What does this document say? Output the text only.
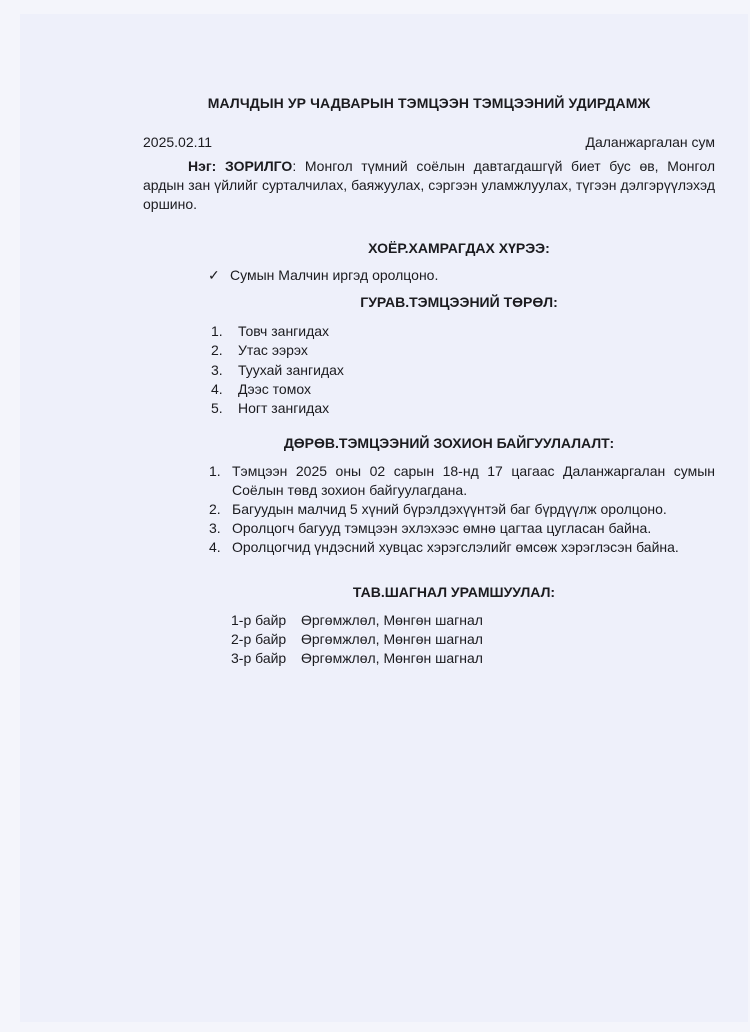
МАЛЧДЫН УР ЧАДВАРЫН ТЭМЦЭЭН ТЭМЦЭЭНИЙ УДИРДАМЖ
2025.02.11	Даланжаргалан сум

Нэг: ЗОРИЛГО: Монгол түмний соёлын давтагдашгүй биет бус өв, Монгол ардын зан үйлийг сурталчилах, баяжуулах, сэргээн уламжлуулах, түгээн дэлгэрүүлэхэд оршино.

ХОЁР.ХАМРАГДАХ ХҮРЭЭ:
✓ Сумын Малчин иргэд оролцоно.
ГУРАВ.ТЭМЦЭЭНИЙ ТӨРӨЛ:
1.	Товч зангидах
2.	Утас ээрэх
3.	Туухай зангидах
4.	Дээс томох
5.	Ногт зангидах
ДӨРӨВ.ТЭМЦЭЭНИЙ ЗОХИОН БАЙГУУЛАЛАЛТ:
1. Тэмцээн 2025 оны 02 сарын 18-нд 17 цагаас Даланжаргалан сумын Соёлын төвд зохион байгуулагдана.
2. Багуудын малчид 5 хүний бүрэлдэхүүнтэй баг бүрдүүлж оролцоно.
3. Оролцогч багууд тэмцээн эхлэхээс өмнө цагтаа цугласан байна.
4. Оролцогчид үндэсний хувцас хэрэгслэлийг өмсөж хэрэглэсэн байна.
ТАВ.ШАГНАЛ УРАМШУУЛАЛ:
1-р байр	Өргөмжлөл, Мөнгөн шагнал
2-р байр	Өргөмжлөл, Мөнгөн шагнал
3-р байр	Өргөмжлөл, Мөнгөн шагнал
